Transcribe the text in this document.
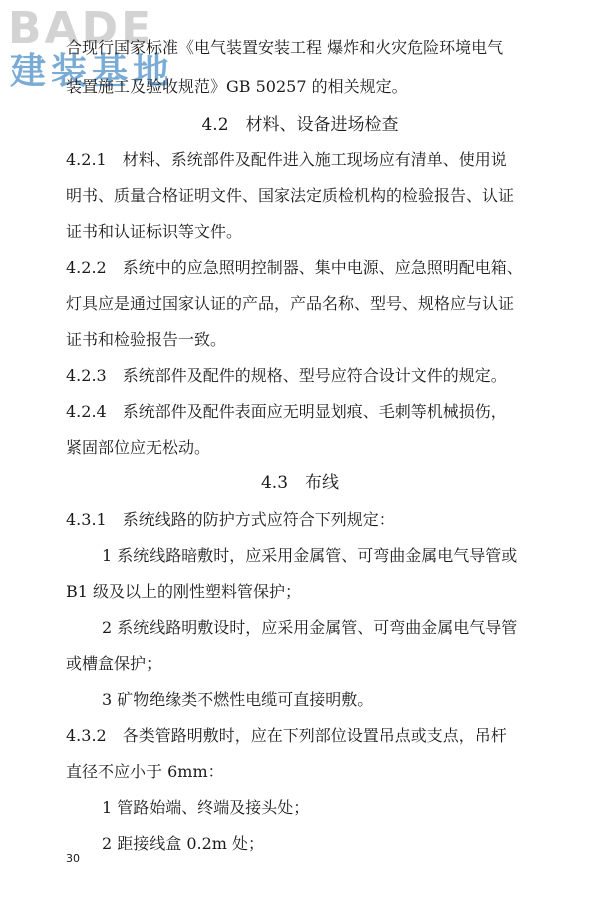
BADE
建装基地
合现行国家标准《电气装置安装工程 爆炸和火灾危险环境电气
装置施工及验收规范》GB 50257 的相关规定。
4.2　材料、设备进场检查
4.2.1　材料、系统部件及配件进入施工现场应有清单、使用说
明书、质量合格证明文件、国家法定质检机构的检验报告、认证
证书和认证标识等文件。
4.2.2　系统中的应急照明控制器、集中电源、应急照明配电箱、
灯具应是通过国家认证的产品，产品名称、型号、规格应与认证
证书和检验报告一致。
4.2.3　系统部件及配件的规格、型号应符合设计文件的规定。
4.2.4　系统部件及配件表面应无明显划痕、毛刺等机械损伤，
紧固部位应无松动。
4.3　布线
4.3.1　系统线路的防护方式应符合下列规定：
1 系统线路暗敷时，应采用金属管、可弯曲金属电气导管或
B1 级及以上的刚性塑料管保护；
2 系统线路明敷设时，应采用金属管、可弯曲金属电气导管
或槽盒保护；
3 矿物绝缘类不燃性电缆可直接明敷。
4.3.2　各类管路明敷时，应在下列部位设置吊点或支点，吊杆
直径不应小于 6mm：
1 管路始端、终端及接头处；
2 距接线盒 0.2m 处；
30
